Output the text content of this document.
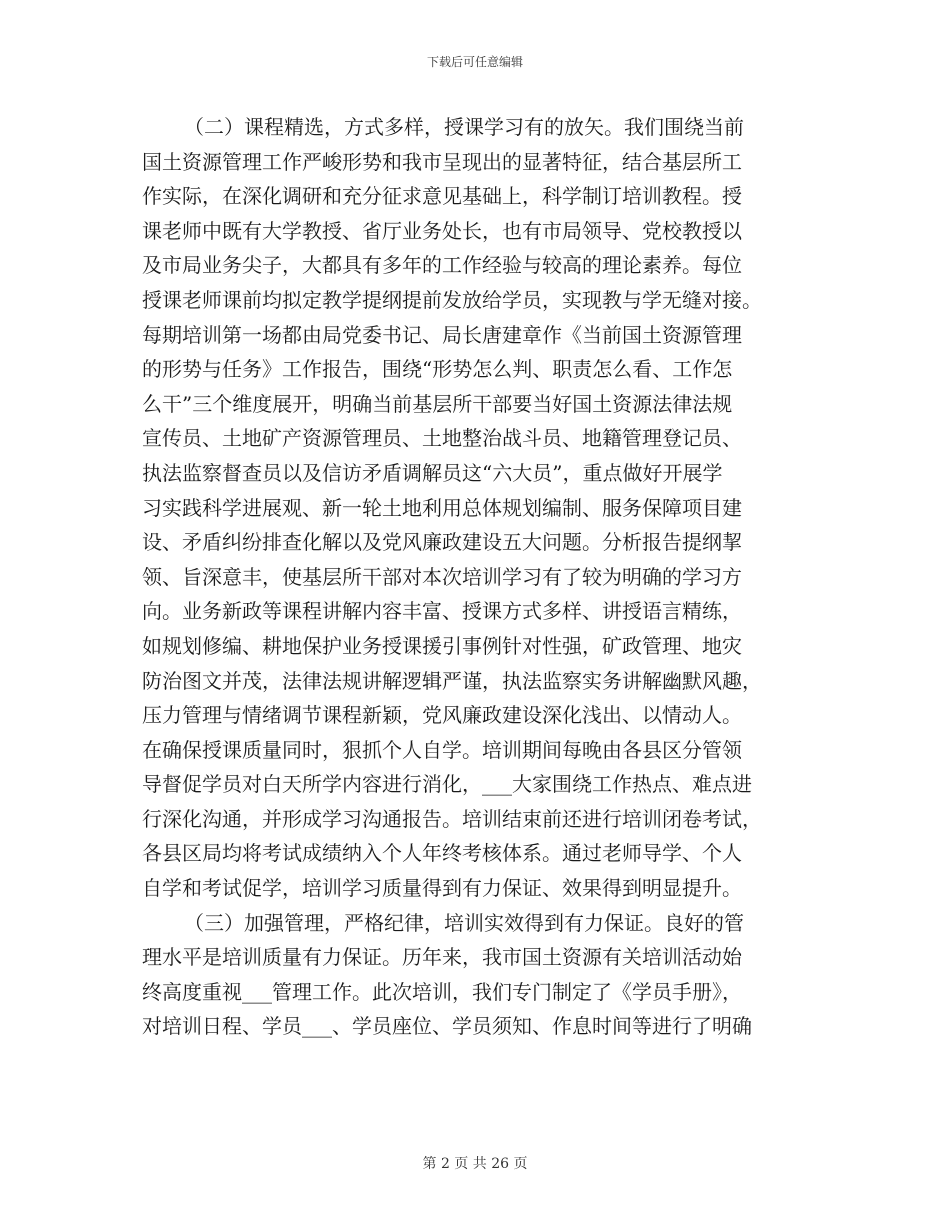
下载后可任意编辑
（二）课程精选，方式多样，授课学习有的放矢。我们围绕当前
国土资源管理工作严峻形势和我市呈现出的显著特征，结合基层所工
作实际，在深化调研和充分征求意见基础上，科学制订培训教程。授
课老师中既有大学教授、省厅业务处长，也有市局领导、党校教授以
及市局业务尖子，大都具有多年的工作经验与较高的理论素养。每位
授课老师课前均拟定教学提纲提前发放给学员，实现教与学无缝对接。
每期培训第一场都由局党委书记、局长唐建章作《当前国土资源管理
的形势与任务》工作报告，围绕“形势怎么判、职责怎么看、工作怎
么干”三个维度展开，明确当前基层所干部要当好国土资源法律法规
宣传员、土地矿产资源管理员、土地整治战斗员、地籍管理登记员、
执法监察督查员以及信访矛盾调解员这“六大员”，重点做好开展学
习实践科学进展观、新一轮土地利用总体规划编制、服务保障项目建
设、矛盾纠纷排查化解以及党风廉政建设五大问题。分析报告提纲挈
领、旨深意丰，使基层所干部对本次培训学习有了较为明确的学习方
向。业务新政等课程讲解内容丰富、授课方式多样、讲授语言精练，
如规划修编、耕地保护业务授课援引事例针对性强，矿政管理、地灾
防治图文并茂，法律法规讲解逻辑严谨，执法监察实务讲解幽默风趣，
压力管理与情绪调节课程新颖，党风廉政建设深化浅出、以情动人。
在确保授课质量同时，狠抓个人自学。培训期间每晚由各县区分管领
导督促学员对白天所学内容进行消化，___大家围绕工作热点、难点进
行深化沟通，并形成学习沟通报告。培训结束前还进行培训闭卷考试，
各县区局均将考试成绩纳入个人年终考核体系。通过老师导学、个人
自学和考试促学，培训学习质量得到有力保证、效果得到明显提升。
（三）加强管理，严格纪律，培训实效得到有力保证。良好的管
理水平是培训质量有力保证。历年来，我市国土资源有关培训活动始
终高度重视___管理工作。此次培训，我们专门制定了《学员手册》，
对培训日程、学员___、学员座位、学员须知、作息时间等进行了明确
第 2 页 共 26 页
